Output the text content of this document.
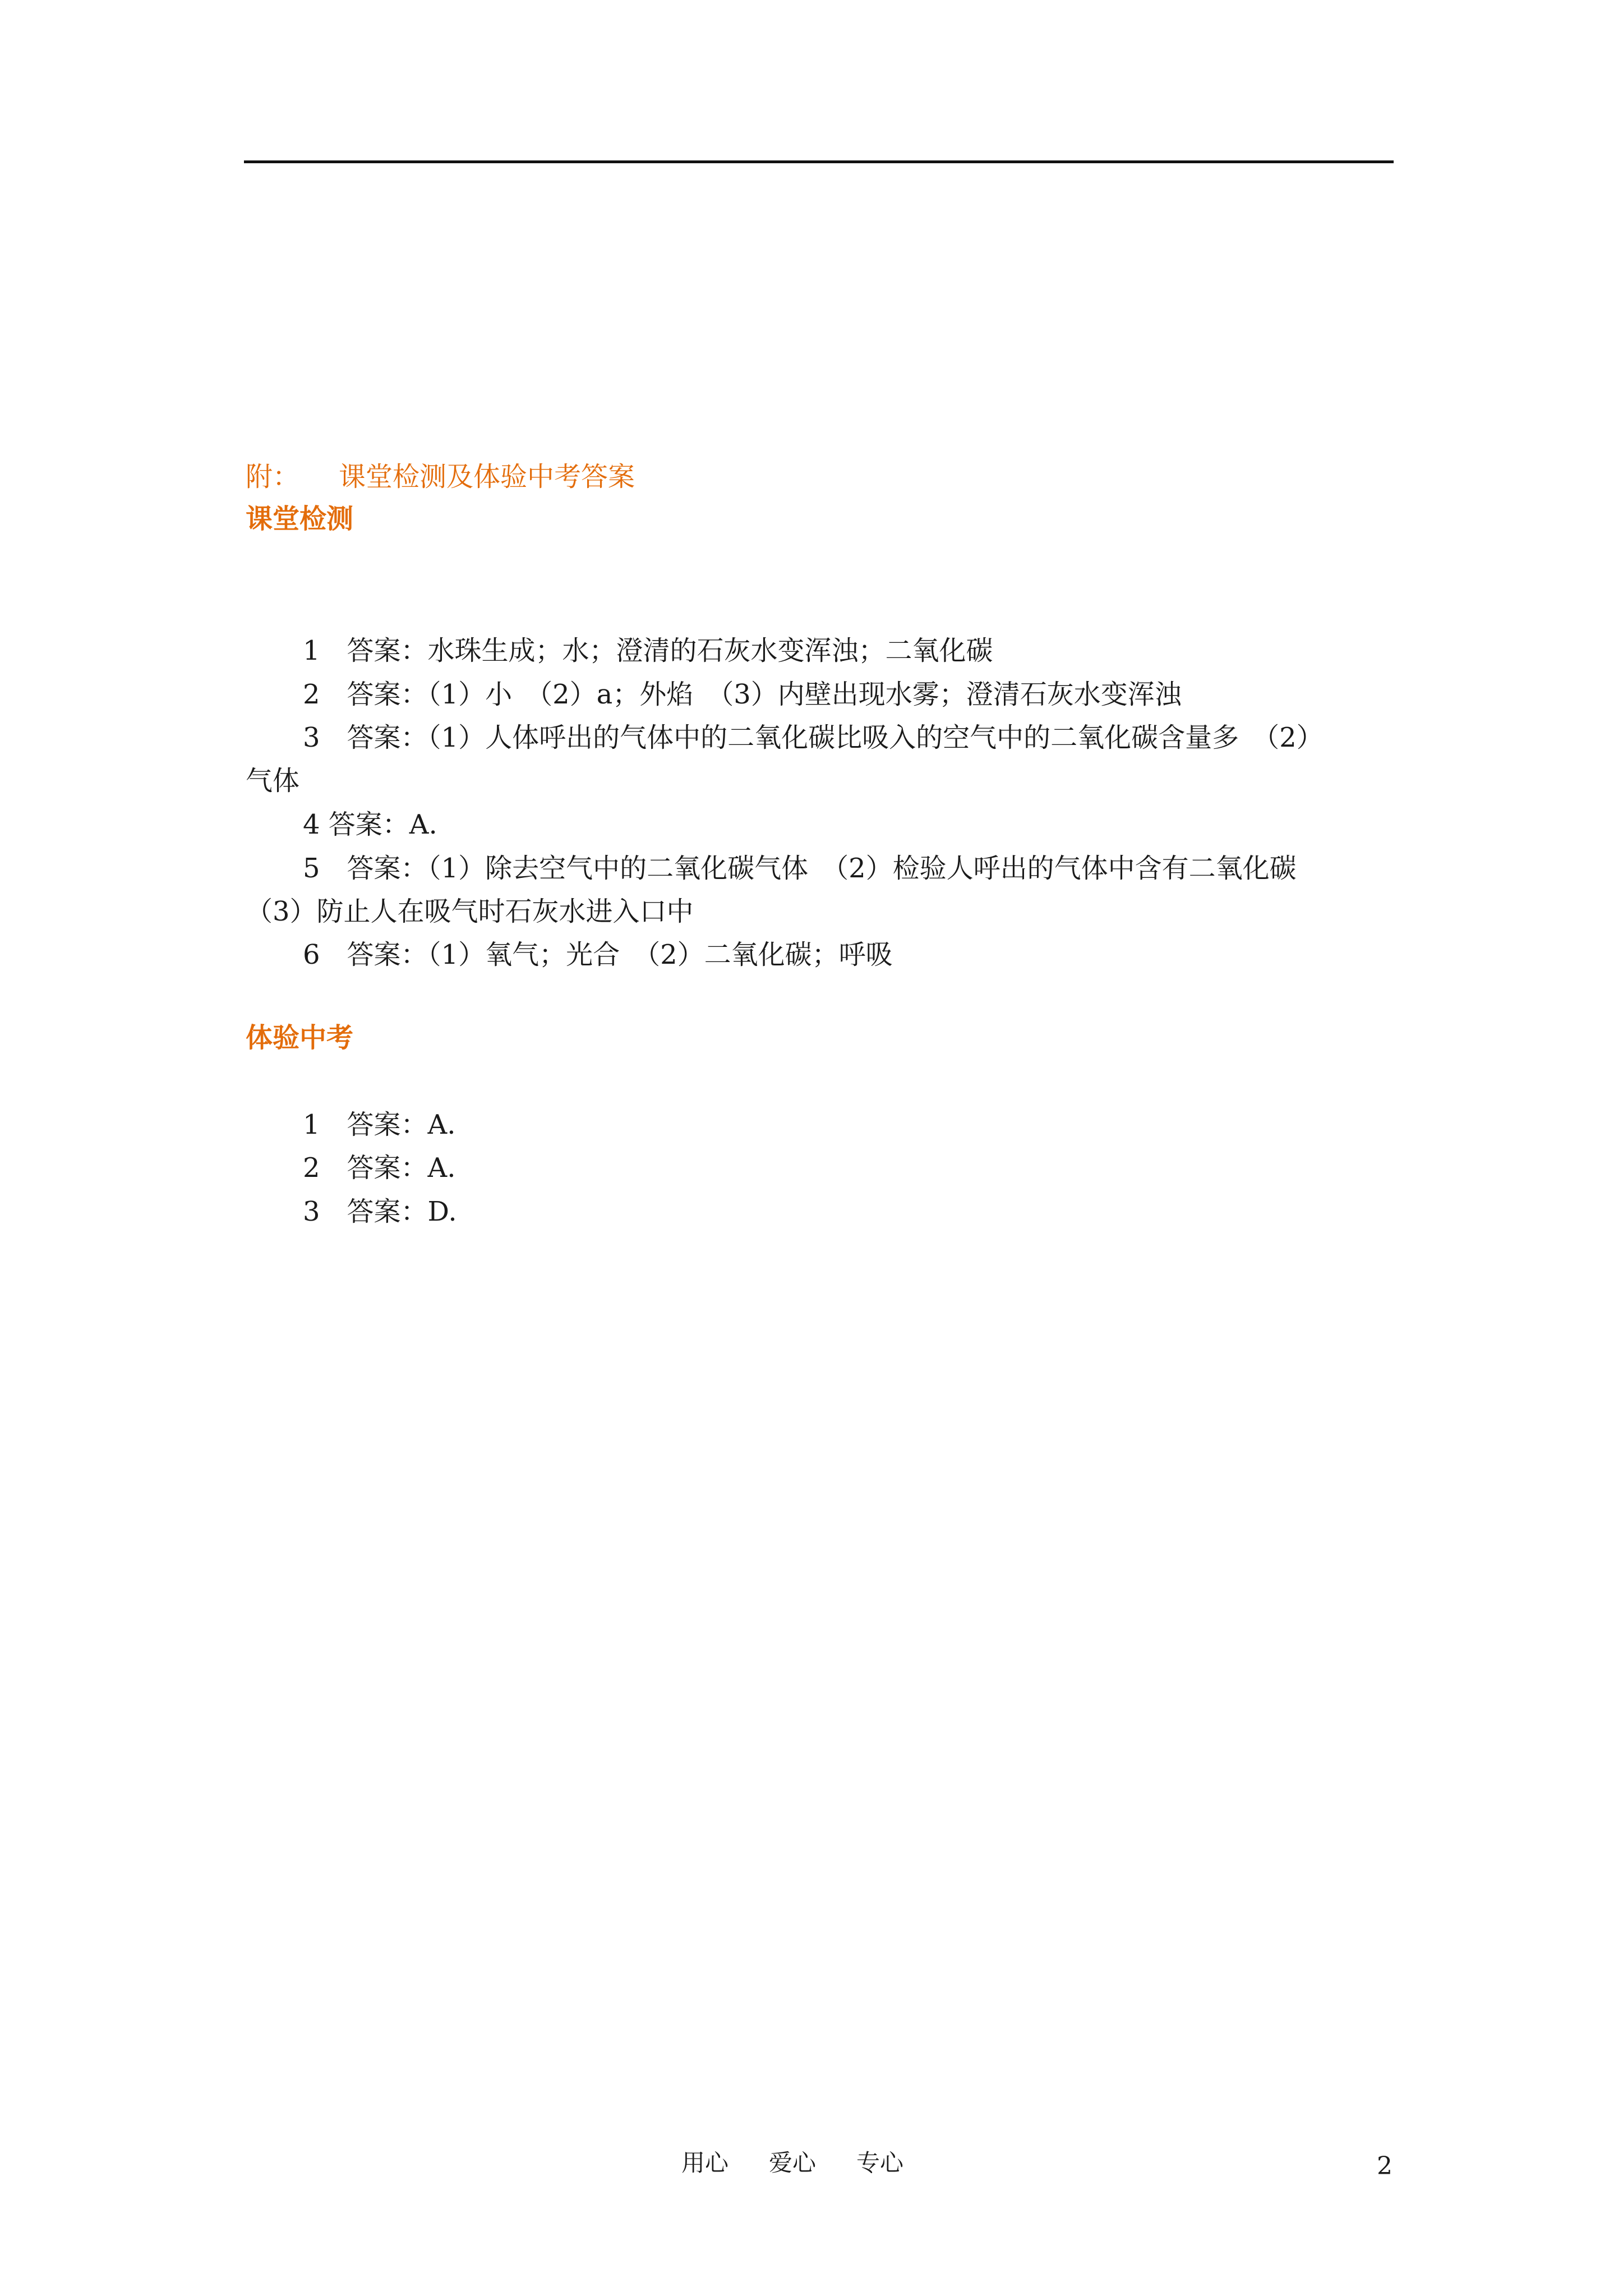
附： 课堂检测及体验中考答案
课堂检测
1　答案：水珠生成；水；澄清的石灰水变浑浊；二氧化碳
2　答案：（1）小　（2）a；外焰　（3）内壁出现水雾；澄清石灰水变浑浊
3　答案：（1）人体呼出的气体中的二氧化碳比吸入的空气中的二氧化碳含量多　（2）
气体
4 答案：A.
5　答案：（1）除去空气中的二氧化碳气体　（2）检验人呼出的气体中含有二氧化碳
（3）防止人在吸气时石灰水进入口中
6　答案：（1）氧气；光合　（2）二氧化碳；呼吸
体验中考
1　答案：A.
2　答案：A.
3　答案：D.
用心 爱心 专心	2
